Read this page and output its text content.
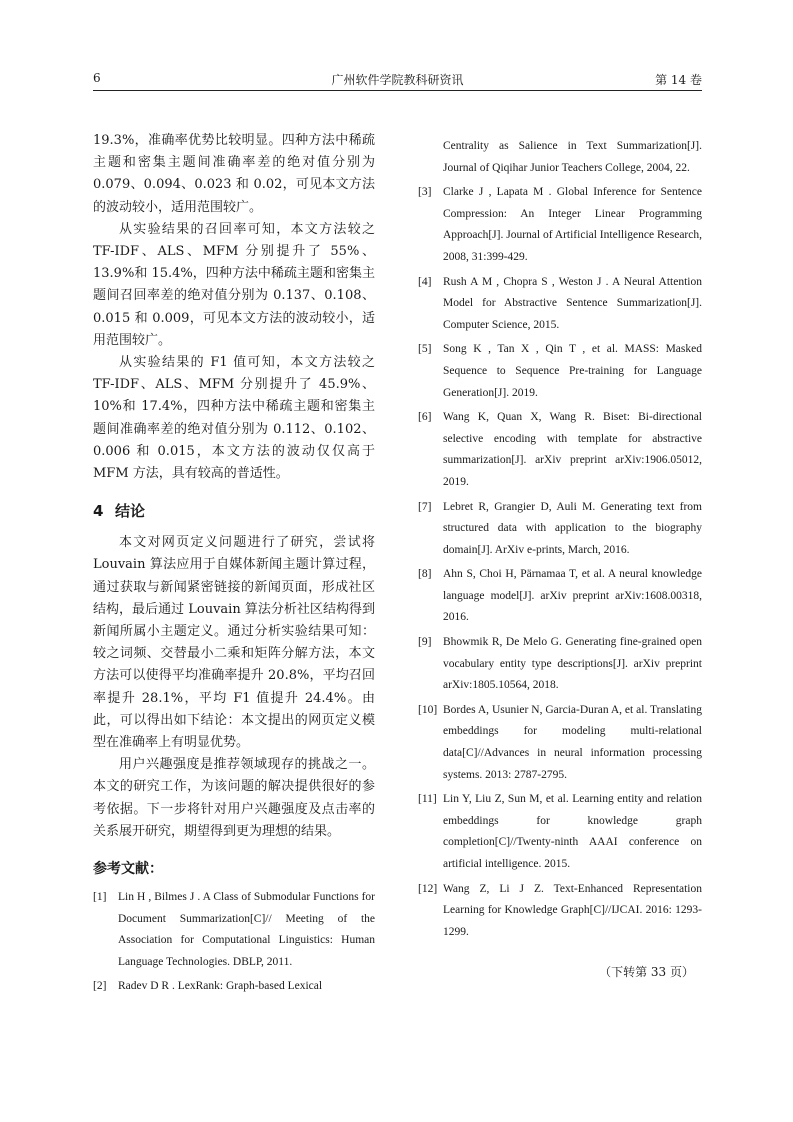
6	广州软件学院教科研资讯	第 14 卷

19.3%，准确率优势比较明显。四种方法中稀疏主题和密集主题间准确率差的绝对值分别为 0.079、0.094、0.023 和 0.02，可见本文方法的波动较小，适用范围较广。

从实验结果的召回率可知，本文方法较之 TF-IDF、ALS、MFM 分别提升了 55%、13.9%和 15.4%，四种方法中稀疏主题和密集主题间召回率差的绝对值分别为 0.137、0.108、0.015 和 0.009，可见本文方法的波动较小，适用范围较广。

从实验结果的 F1 值可知，本文方法较之 TF-IDF、ALS、MFM 分别提升了 45.9%、10%和 17.4%，四种方法中稀疏主题和密集主题间准确率差的绝对值分别为 0.112、0.102、0.006 和 0.015，本文方法的波动仅仅高于 MFM 方法，具有较高的普适性。

4 结论

本文对网页定义问题进行了研究，尝试将 Louvain 算法应用于自媒体新闻主题计算过程，通过获取与新闻紧密链接的新闻页面，形成社区结构，最后通过 Louvain 算法分析社区结构得到新闻所属小主题定义。通过分析实验结果可知：较之词频、交替最小二乘和矩阵分解方法，本文方法可以使得平均准确率提升 20.8%，平均召回率提升 28.1%，平均 F1 值提升 24.4%。由此，可以得出如下结论：本文提出的网页定义模型在准确率上有明显优势。

用户兴趣强度是推荐领域现存的挑战之一。本文的研究工作，为该问题的解决提供很好的参考依据。下一步将针对用户兴趣强度及点击率的关系展开研究，期望得到更为理想的结果。

参考文献：
[1] Lin H , Bilmes J . A Class of Submodular Functions for Document Summarization[C]// Meeting of the Association for Computational Linguistics: Human Language Technologies. DBLP, 2011.
[2] Radev D R . LexRank: Graph-based Lexical
Centrality as Salience in Text Summarization[J]. Journal of Qiqihar Junior Teachers College, 2004, 22.
[3] Clarke J , Lapata M . Global Inference for Sentence Compression: An Integer Linear Programming Approach[J]. Journal of Artificial Intelligence Research, 2008, 31:399-429.
[4] Rush A M , Chopra S , Weston J . A Neural Attention Model for Abstractive Sentence Summarization[J]. Computer Science, 2015.
[5] Song K , Tan X , Qin T , et al. MASS: Masked Sequence to Sequence Pre-training for Language Generation[J]. 2019.
[6] Wang K, Quan X, Wang R. Biset: Bi-directional selective encoding with template for abstractive summarization[J]. arXiv preprint arXiv:1906.05012, 2019.
[7] Lebret R, Grangier D, Auli M. Generating text from structured data with application to the biography domain[J]. ArXiv e-prints, March, 2016.
[8] Ahn S, Choi H, Pärnamaa T, et al. A neural knowledge language model[J]. arXiv preprint arXiv:1608.00318, 2016.
[9] Bhowmik R, De Melo G. Generating fine-grained open vocabulary entity type descriptions[J]. arXiv preprint arXiv:1805.10564, 2018.
[10] Bordes A, Usunier N, Garcia-Duran A, et al. Translating embeddings for modeling multi-relational data[C]//Advances in neural information processing systems. 2013: 2787-2795.
[11] Lin Y, Liu Z, Sun M, et al. Learning entity and relation embeddings for knowledge graph completion[C]//Twenty-ninth AAAI conference on artificial intelligence. 2015.
[12] Wang Z, Li J Z. Text-Enhanced Representation Learning for Knowledge Graph[C]//IJCAI. 2016: 1293-1299.
（下转第 33 页）
